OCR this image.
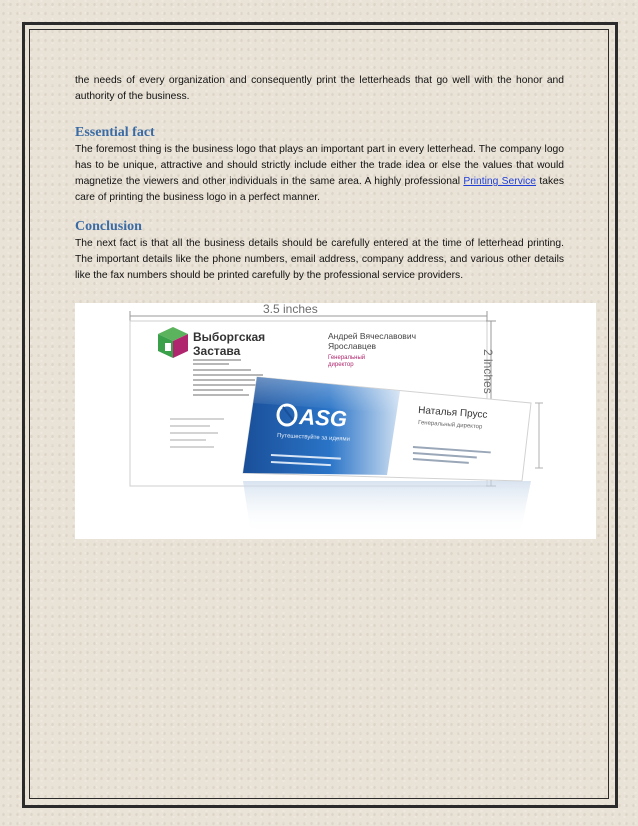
the needs of every organization and consequently print the letterheads that go well with the honor and authority of the business.

Essential fact

The foremost thing is the business logo that plays an important part in every letterhead. The company logo has to be unique, attractive and should strictly include either the trade idea or else the values that would magnetize the viewers and other individuals in the same area. A highly professional Printing Service takes care of printing the business logo in a perfect manner.

Conclusion

The next fact is that all the business details should be carefully entered at the time of letterhead printing. The important details like the phone numbers, email address, company address, and various other details like the fax numbers should be printed carefully by the professional service providers.

3.5 inches
Выборгская
Застава
Андрей Вячеславович
Ярославцев
Генеральный
директор	2 inches
ASG
Путешествуйте за идеями
Наталья Прусс
Генеральный директор
